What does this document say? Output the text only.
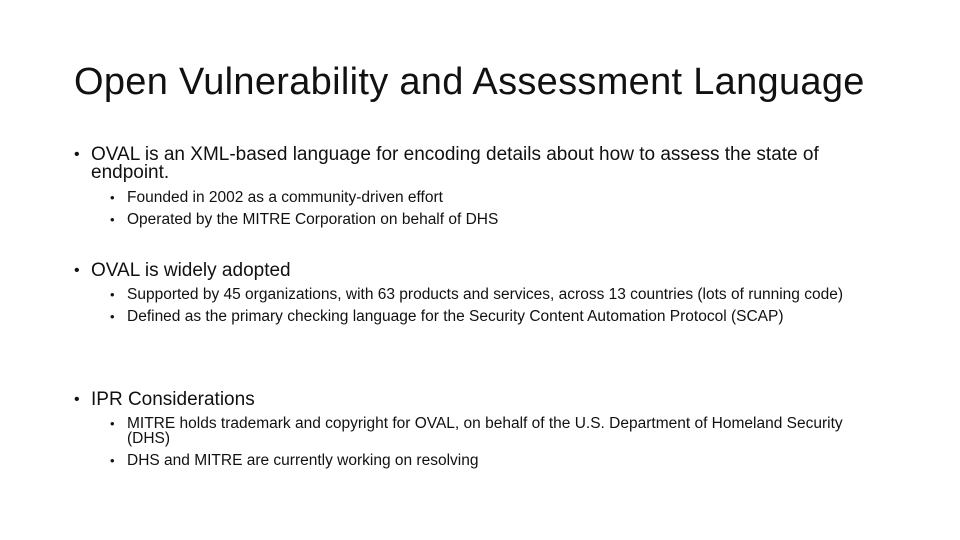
Open Vulnerability and Assessment Language
• OVAL is an XML-based language for encoding details about how to assess the state of endpoint.
• Founded in 2002 as a community-driven effort
• Operated by the MITRE Corporation on behalf of DHS
• OVAL is widely adopted
• Supported by 45 organizations, with 63 products and services, across 13 countries (lots of running code)
• Defined as the primary checking language for the Security Content Automation Protocol (SCAP)
• IPR Considerations
• MITRE holds trademark and copyright for OVAL, on behalf of the U.S. Department of Homeland Security (DHS)
• DHS and MITRE are currently working on resolving
